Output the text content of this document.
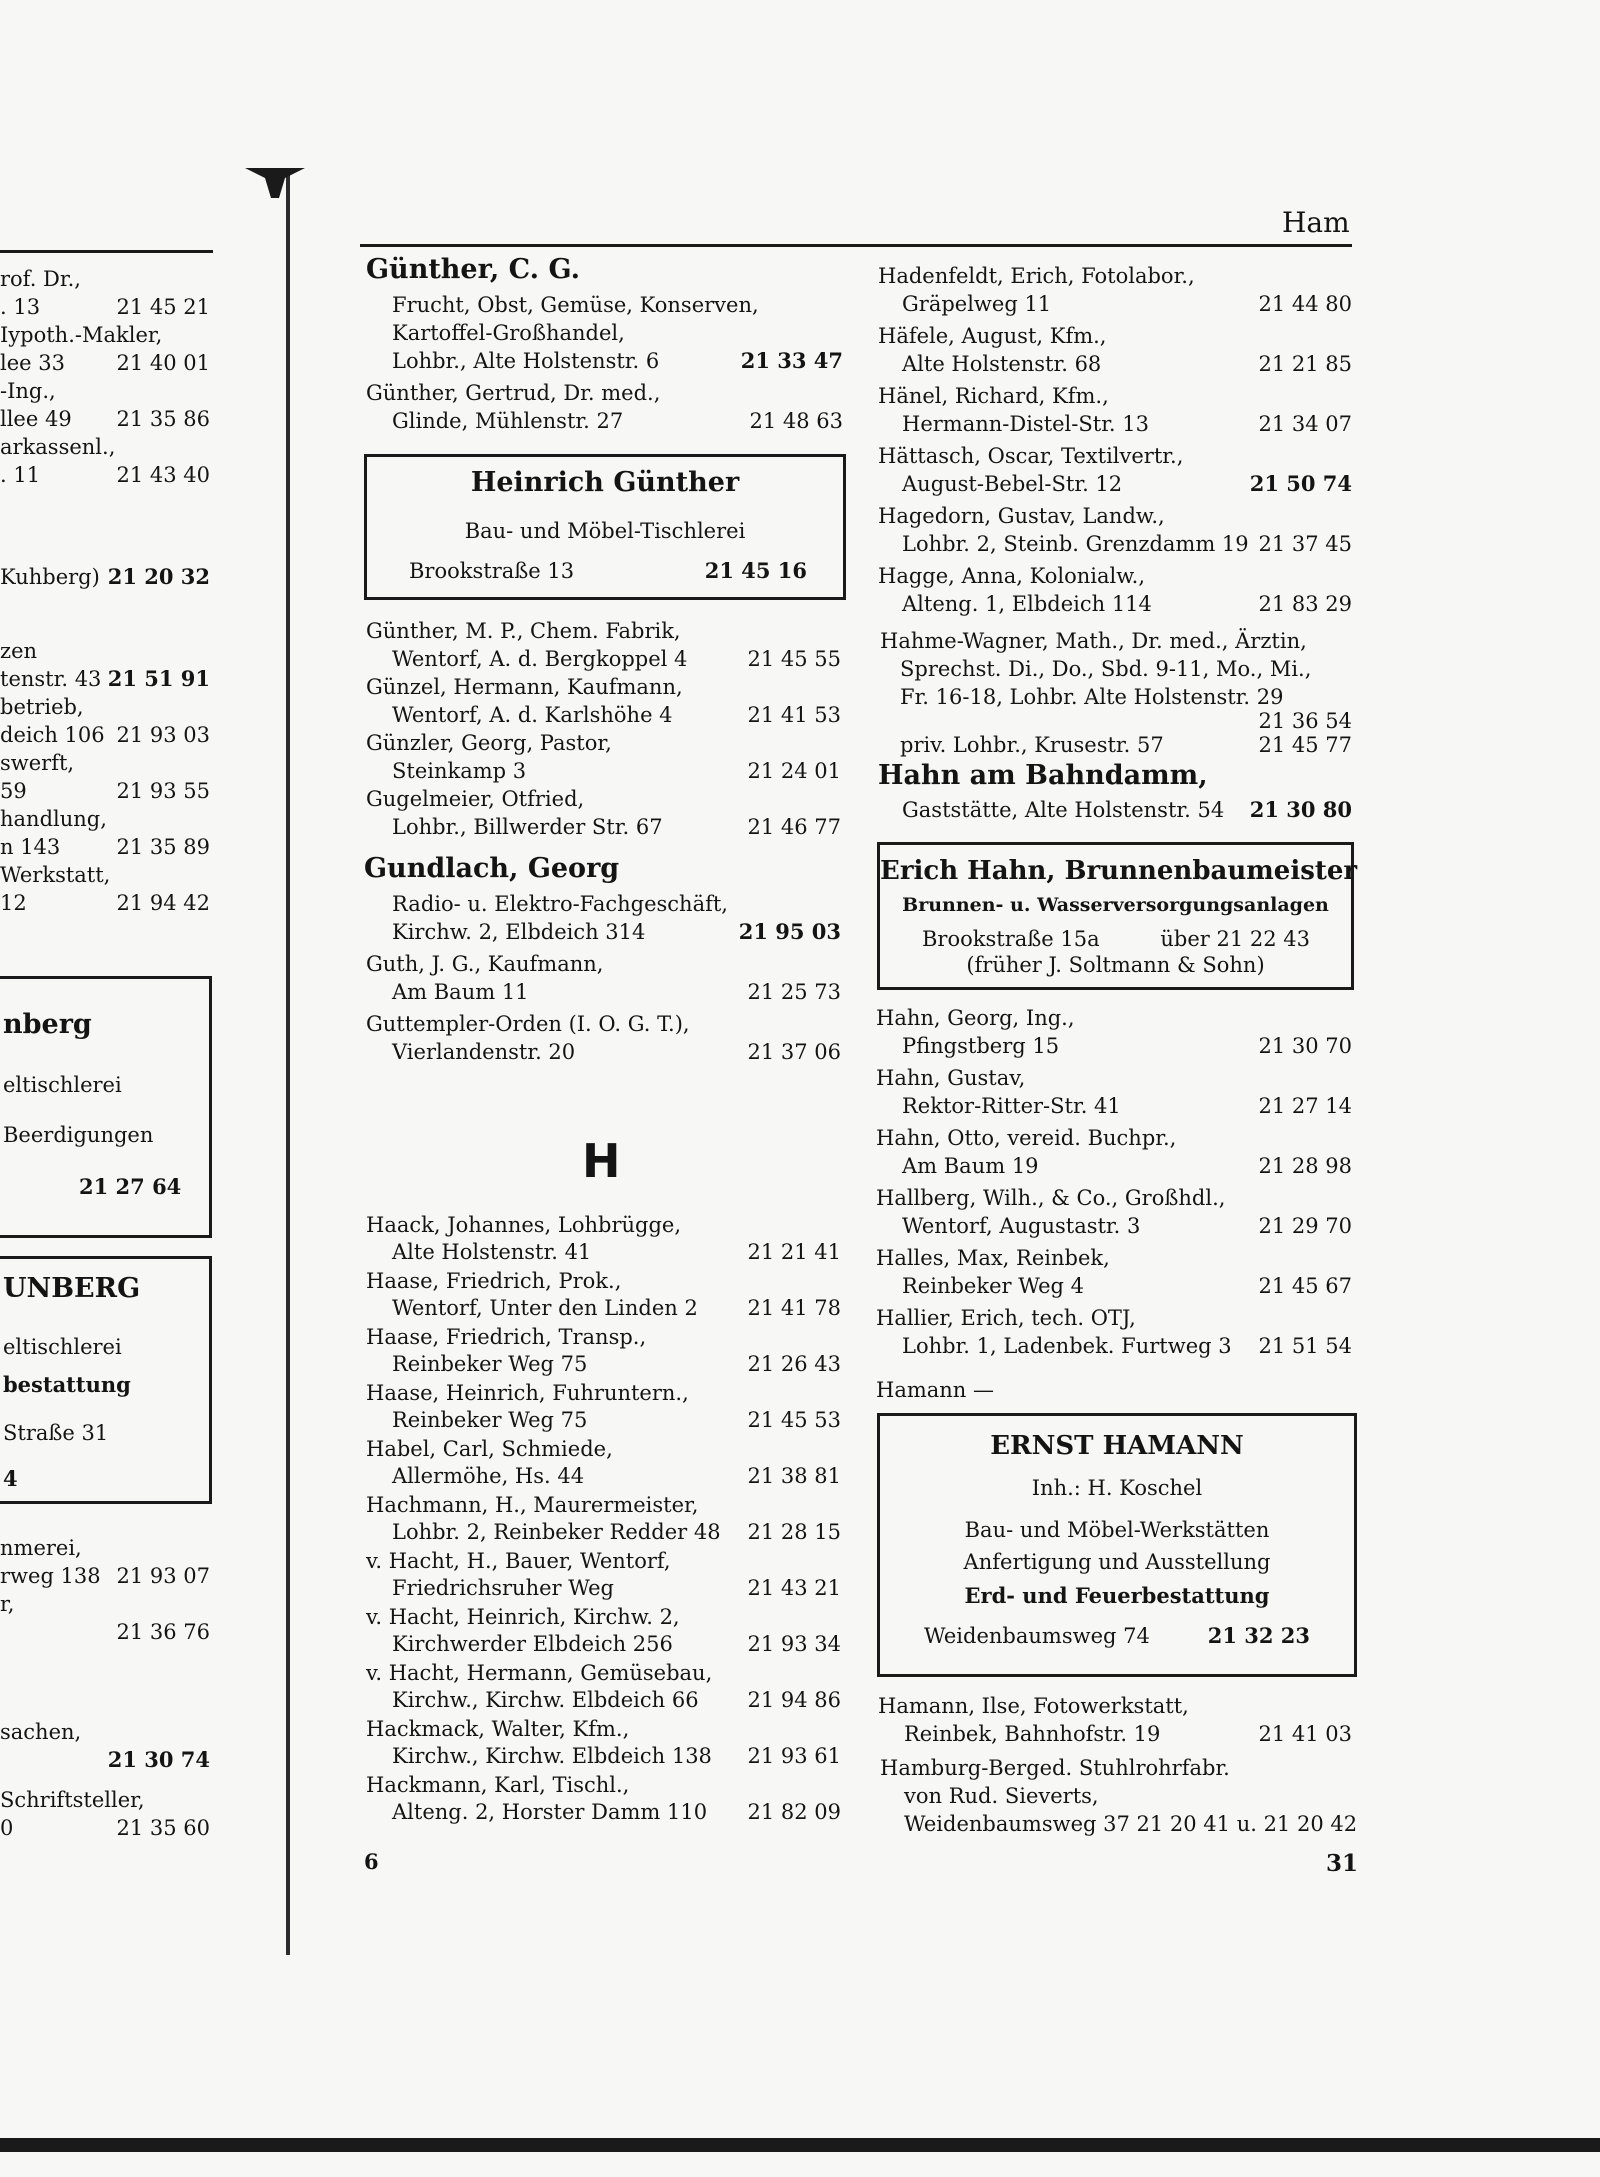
Ham
rof. Dr.,
. 13	21 45 21
Iypoth.-Makler,
lee 33	21 40 01
-Ing.,
llee 49	21 35 86
arkassenl.,
. 11	21 43 40
Kuhberg) 21 20 32
zen
tenstr. 43 21 51 91
betrieb,
deich 106 21 93 03
swerft,
59	21 93 55
handlung,
n 143	21 35 89
Werkstatt,
12	21 94 42
nberg
eltischlerei
Beerdigungen
21 27 64
UNBERG
eltischlerei
bestattung
Straße 31
4
nmerei,
rweg 138 21 93 07
r,
21 36 76
sachen,
21 30 74
Schriftsteller,
0	21 35 60
Günther, C. G.
Frucht, Obst, Gemüse, Konserven,
Kartoffel-Großhandel,
Lohbr., Alte Holstenstr. 6	21 33 47
Günther, Gertrud, Dr. med.,
Glinde, Mühlenstr. 27	21 48 63
Heinrich Günther
Bau- und Möbel-Tischlerei
Brookstraße 13	21 45 16
Günther, M. P., Chem. Fabrik,
Wentorf, A. d. Bergkoppel 4	21 45 55
Günzel, Hermann, Kaufmann,
Wentorf, A. d. Karlshöhe 4	21 41 53
Günzler, Georg, Pastor,
Steinkamp 3	21 24 01
Gugelmeier, Otfried,
Lohbr., Billwerder Str. 67	21 46 77
Gundlach, Georg
Radio- u. Elektro-Fachgeschäft,
Kirchw. 2, Elbdeich 314	21 95 03
Guth, J. G., Kaufmann,
Am Baum 11	21 25 73
Guttempler-Orden (I. O. G. T.),
Vierlandenstr. 20	21 37 06
H
Haack, Johannes, Lohbrügge,
Alte Holstenstr. 41	21 21 41
Haase, Friedrich, Prok.,
Wentorf, Unter den Linden 2	21 41 78
Haase, Friedrich, Transp.,
Reinbeker Weg 75	21 26 43
Haase, Heinrich, Fuhruntern.,
Reinbeker Weg 75	21 45 53
Habel, Carl, Schmiede,
Allermöhe, Hs. 44	21 38 81
Hachmann, H., Maurermeister,
Lohbr. 2, Reinbeker Redder 48	21 28 15
v. Hacht, H., Bauer, Wentorf,
Friedrichsruher Weg	21 43 21
v. Hacht, Heinrich, Kirchw. 2,
Kirchwerder Elbdeich 256	21 93 34
v. Hacht, Hermann, Gemüsebau,
Kirchw., Kirchw. Elbdeich 66	21 94 86
Hackmack, Walter, Kfm.,
Kirchw., Kirchw. Elbdeich 138	21 93 61
Hackmann, Karl, Tischl.,
Alteng. 2, Horster Damm 110	21 82 09
6
Hadenfeldt, Erich, Fotolabor.,
Gräpelweg 11	21 44 80
Häfele, August, Kfm.,
Alte Holstenstr. 68	21 21 85
Hänel, Richard, Kfm.,
Hermann-Distel-Str. 13	21 34 07
Hättasch, Oscar, Textilvertr.,
August-Bebel-Str. 12	21 50 74
Hagedorn, Gustav, Landw.,
Lohbr. 2, Steinb. Grenzdamm 19 21 37 45
Hagge, Anna, Kolonialw.,
Alteng. 1, Elbdeich 114	21 83 29
Hahme-Wagner, Math., Dr. med., Ärztin,
Sprechst. Di., Do., Sbd. 9-11, Mo., Mi.,
Fr. 16-18, Lohbr. Alte Holstenstr. 29
21 36 54
priv. Lohbr., Krusestr. 57	21 45 77
Hahn am Bahndamm,
Gaststätte, Alte Holstenstr. 54	21 30 80
Erich Hahn, Brunnenbaumeister
Brunnen- u. Wasserversorgungsanlagen
Brookstraße 15a	über 21 22 43
(früher J. Soltmann & Sohn)
Hahn, Georg, Ing.,
Pfingstberg 15	21 30 70
Hahn, Gustav,
Rektor-Ritter-Str. 41	21 27 14
Hahn, Otto, vereid. Buchpr.,
Am Baum 19	21 28 98
Hallberg, Wilh., & Co., Großhdl.,
Wentorf, Augustastr. 3	21 29 70
Halles, Max, Reinbek,
Reinbeker Weg 4	21 45 67
Hallier, Erich, tech. OTJ,
Lohbr. 1, Ladenbek. Furtweg 3	21 51 54
Hamann —
ERNST HAMANN
Inh.: H. Koschel
Bau- und Möbel-Werkstätten
Anfertigung und Ausstellung
Erd- und Feuerbestattung
Weidenbaumsweg 74	21 32 23
Hamann, Ilse, Fotowerkstatt,
Reinbek, Bahnhofstr. 19	21 41 03
Hamburg-Berged. Stuhlrohrfabr.
von Rud. Sieverts,
Weidenbaumsweg 37 21 20 41 u. 21 20 42
31
